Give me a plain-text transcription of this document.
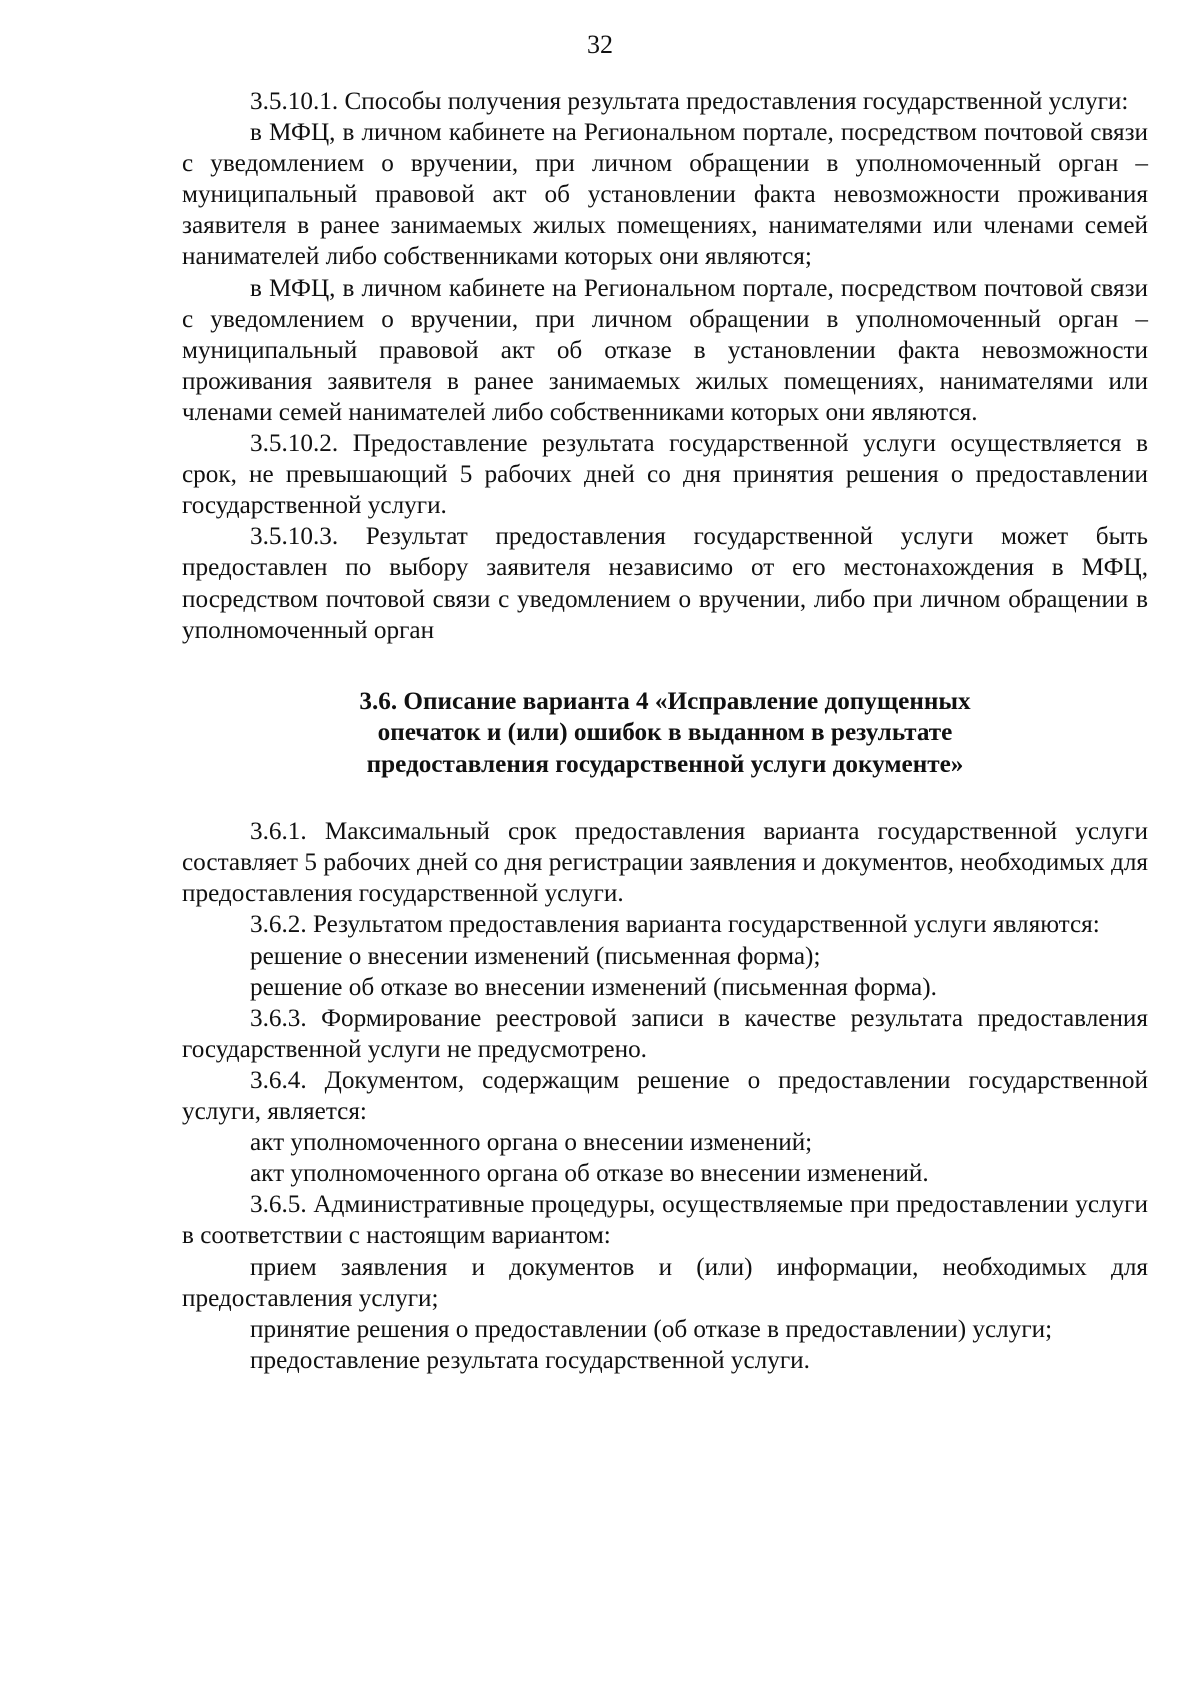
32

3.5.10.1. Способы получения результата предоставления государственной услуги:

в МФЦ, в личном кабинете на Региональном портале, посредством почтовой связи с уведомлением о вручении, при личном обращении в уполномоченный орган – муниципальный правовой акт об установлении факта невозможности проживания заявителя в ранее занимаемых жилых помещениях, нанимателями или членами семей нанимателей либо собственниками которых они являются;

в МФЦ, в личном кабинете на Региональном портале, посредством почтовой связи с уведомлением о вручении, при личном обращении в уполномоченный орган – муниципальный правовой акт об отказе в установлении факта невозможности проживания заявителя в ранее занимаемых жилых помещениях, нанимателями или членами семей нанимателей либо собственниками которых они являются.

3.5.10.2. Предоставление результата государственной услуги осуществляется в срок, не превышающий 5 рабочих дней со дня принятия решения о предоставлении государственной услуги.

3.5.10.3. Результат предоставления государственной услуги может быть предоставлен по выбору заявителя независимо от его местонахождения в МФЦ, посредством почтовой связи с уведомлением о вручении, либо при личном обращении в уполномоченный орган

3.6. Описание варианта 4 «Исправление допущенных
опечаток и (или) ошибок в выданном в результате
предоставления государственной услуги документе»

3.6.1. Максимальный срок предоставления варианта государственной услуги составляет 5 рабочих дней со дня регистрации заявления и документов, необходимых для предоставления государственной услуги.

3.6.2. Результатом предоставления варианта государственной услуги являются:

решение о внесении изменений (письменная форма);

решение об отказе во внесении изменений (письменная форма).

3.6.3. Формирование реестровой записи в качестве результата предоставления государственной услуги не предусмотрено.

3.6.4. Документом, содержащим решение о предоставлении государственной услуги, является:

акт уполномоченного органа о внесении изменений;

акт уполномоченного органа об отказе во внесении изменений.

3.6.5. Административные процедуры, осуществляемые при предоставлении услуги в соответствии с настоящим вариантом:

прием заявления и документов и (или) информации, необходимых для предоставления услуги;

принятие решения о предоставлении (об отказе в предоставлении) услуги;

предоставление результата государственной услуги.
